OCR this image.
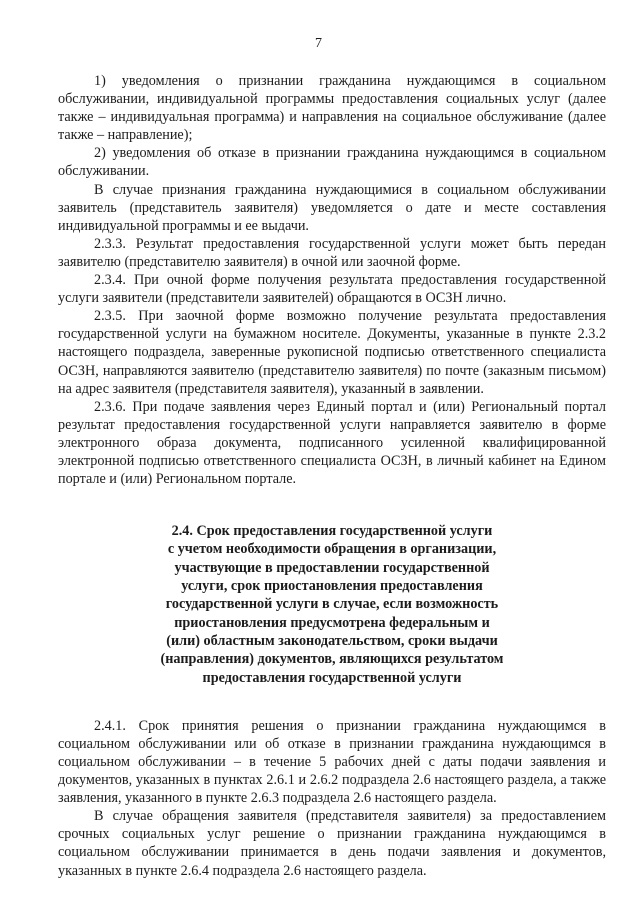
7

1) уведомления о признании гражданина нуждающимся в социальном обслуживании, индивидуальной программы предоставления социальных услуг (далее также – индивидуальная программа) и направления на социальное обслуживание (далее также – направление);

2) уведомления об отказе в признании гражданина нуждающимся в социальном обслуживании.

В случае признания гражданина нуждающимися в социальном обслуживании заявитель (представитель заявителя) уведомляется о дате и месте составления индивидуальной программы и ее выдачи.

2.3.3. Результат предоставления государственной услуги может быть передан заявителю (представителю заявителя) в очной или заочной форме.

2.3.4. При очной форме получения результата предоставления государственной услуги заявители (представители заявителей) обращаются в ОСЗН лично.

2.3.5. При заочной форме возможно получение результата предоставления государственной услуги на бумажном носителе. Документы, указанные в пункте 2.3.2 настоящего подраздела, заверенные рукописной подписью ответственного специалиста ОСЗН, направляются заявителю (представителю заявителя) по почте (заказным письмом) на адрес заявителя (представителя заявителя), указанный в заявлении.

2.3.6. При подаче заявления через Единый портал и (или) Региональный портал результат предоставления государственной услуги направляется заявителю в форме электронного образа документа, подписанного усиленной квалифицированной электронной подписью ответственного специалиста ОСЗН, в личный кабинет на Едином портале и (или) Региональном портале.

2.4. Срок предоставления государственной услуги
с учетом необходимости обращения в организации,
участвующие в предоставлении государственной
услуги, срок приостановления предоставления
государственной услуги в случае, если возможность
приостановления предусмотрена федеральным и
(или) областным законодательством, сроки выдачи
(направления) документов, являющихся результатом
предоставления государственной услуги

2.4.1. Срок принятия решения о признании гражданина нуждающимся в социальном обслуживании или об отказе в признании гражданина нуждающимся в социальном обслуживании – в течение 5 рабочих дней с даты подачи заявления и документов, указанных в пунктах 2.6.1 и 2.6.2 подраздела 2.6 настоящего раздела, а также заявления, указанного в пункте 2.6.3 подраздела 2.6 настоящего раздела.

В случае обращения заявителя (представителя заявителя) за предоставлением срочных социальных услуг решение о признании гражданина нуждающимся в социальном обслуживании принимается в день подачи заявления и документов, указанных в пункте 2.6.4 подраздела 2.6 настоящего раздела.
